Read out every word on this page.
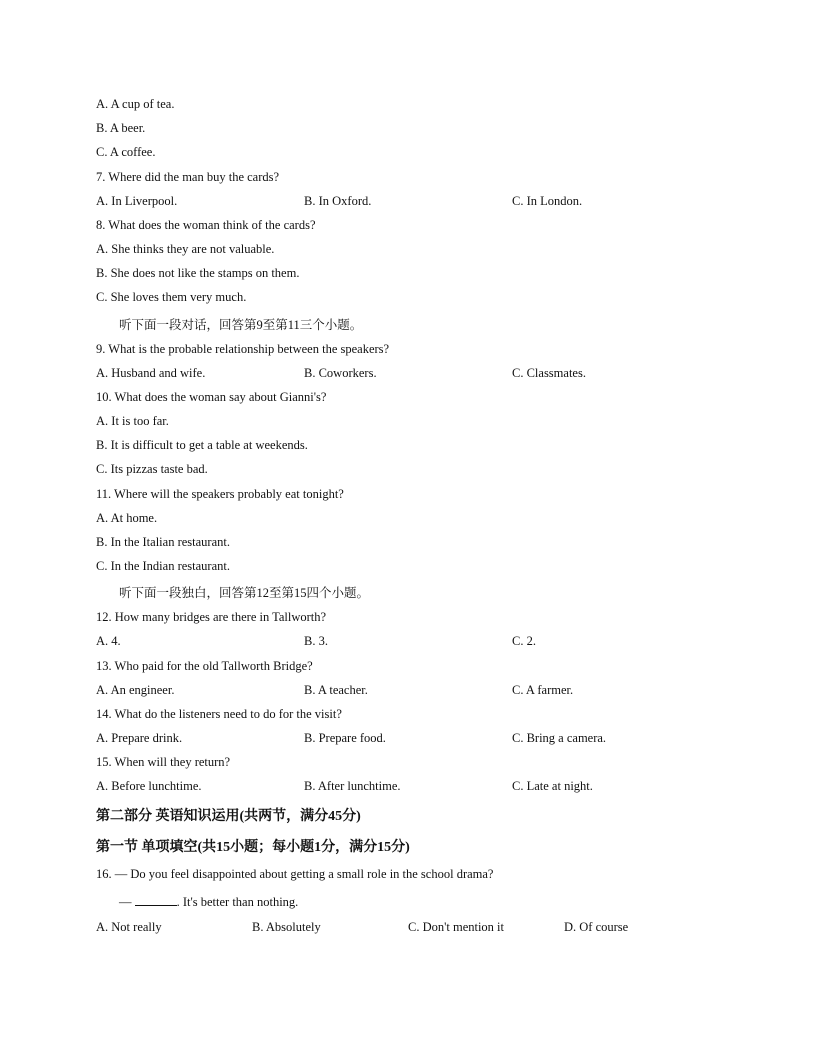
A. A cup of tea.
B. A beer.
C. A coffee.
7. Where did the man buy the cards?
A. In Liverpool.	B. In Oxford.	C. In London.
8. What does the woman think of the cards?
A. She thinks they are not valuable.
B. She does not like the stamps on them.
C. She loves them very much.
听下面一段对话，回答第9至第11三个小题。
9. What is the probable relationship between the speakers?
A. Husband and wife.	B. Coworkers.	C. Classmates.
10. What does the woman say about Gianni's?
A. It is too far.
B. It is difficult to get a table at weekends.
C. Its pizzas taste bad.
11. Where will the speakers probably eat tonight?
A. At home.
B. In the Italian restaurant.
C. In the Indian restaurant.
听下面一段独白，回答第12至第15四个小题。
12. How many bridges are there in Tallworth?
A. 4.	B. 3.	C. 2.
13. Who paid for the old Tallworth Bridge?
A. An engineer.	B. A teacher.	C. A farmer.
14. What do the listeners need to do for the visit?
A. Prepare drink.	B. Prepare food.	C. Bring a camera.
15. When will they return?
A. Before lunchtime.	B. After lunchtime.	C. Late at night.
第二部分 英语知识运用(共两节，满分45分)
第一节 单项填空(共15小题；每小题1分，满分15分)
16. — Do you feel disappointed about getting a small role in the school drama?
—	. It's better than nothing.
A. Not really	B. Absolutely	C. Don't mention it	D. Of course
